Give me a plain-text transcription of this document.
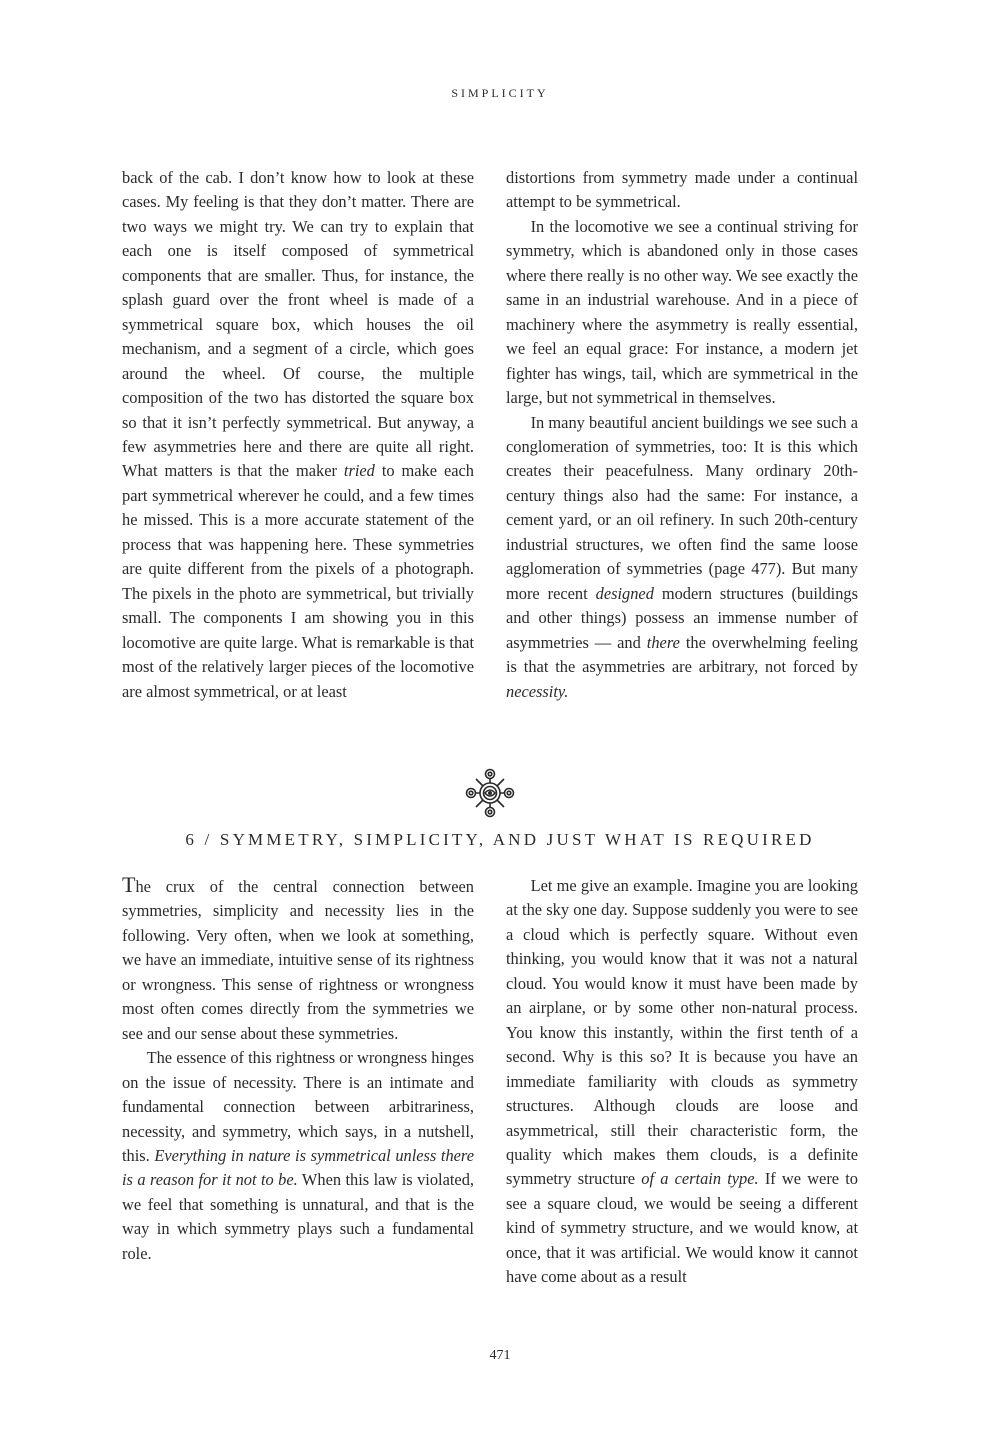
SIMPLICITY

back of the cab. I don’t know how to look at these cases. My feeling is that they don’t matter. There are two ways we might try. We can try to explain that each one is itself composed of symmetrical components that are smaller. Thus, for instance, the splash guard over the front wheel is made of a symmetrical square box, which houses the oil mechanism, and a segment of a circle, which goes around the wheel. Of course, the multiple composition of the two has distorted the square box so that it isn’t perfectly symmetrical. But anyway, a few asymmetries here and there are quite all right. What matters is that the maker tried to make each part symmetrical wherever he could, and a few times he missed. This is a more accurate statement of the process that was happening here. These symmetries are quite different from the pixels of a photograph. The pixels in the photo are symmetrical, but trivially small. The components I am showing you in this locomotive are quite large. What is remarkable is that most of the relatively larger pieces of the locomotive are almost symmetrical, or at least

distortions from symmetry made under a continual attempt to be symmetrical.

In the locomotive we see a continual striving for symmetry, which is abandoned only in those cases where there really is no other way. We see exactly the same in an industrial warehouse. And in a piece of machinery where the asymmetry is really essential, we feel an equal grace: For instance, a modern jet fighter has wings, tail, which are symmetrical in the large, but not symmetrical in themselves.

In many beautiful ancient buildings we see such a conglomeration of symmetries, too: It is this which creates their peacefulness. Many ordinary 20th-century things also had the same: For instance, a cement yard, or an oil refinery. In such 20th-century industrial structures, we often find the same loose agglomeration of symmetries (page 477). But many more recent designed modern structures (buildings and other things) possess an immense number of asymmetries — and there the overwhelming feeling is that the asymmetries are arbitrary, not forced by necessity.

6 / SYMMETRY, SIMPLICITY, AND JUST WHAT IS REQUIRED

The crux of the central connection between symmetries, simplicity and necessity lies in the following. Very often, when we look at something, we have an immediate, intuitive sense of its rightness or wrongness. This sense of rightness or wrongness most often comes directly from the symmetries we see and our sense about these symmetries.

The essence of this rightness or wrongness hinges on the issue of necessity. There is an intimate and fundamental connection between arbitrariness, necessity, and symmetry, which says, in a nutshell, this. Everything in nature is symmetrical unless there is a reason for it not to be. When this law is violated, we feel that something is unnatural, and that is the way in which symmetry plays such a fundamental role.

Let me give an example. Imagine you are looking at the sky one day. Suppose suddenly you were to see a cloud which is perfectly square. Without even thinking, you would know that it was not a natural cloud. You would know it must have been made by an airplane, or by some other non-natural process. You know this instantly, within the first tenth of a second. Why is this so? It is because you have an immediate familiarity with clouds as symmetry structures. Although clouds are loose and asymmetrical, still their characteristic form, the quality which makes them clouds, is a definite symmetry structure of a certain type. If we were to see a square cloud, we would be seeing a different kind of symmetry structure, and we would know, at once, that it was artificial. We would know it cannot have come about as a result

471
